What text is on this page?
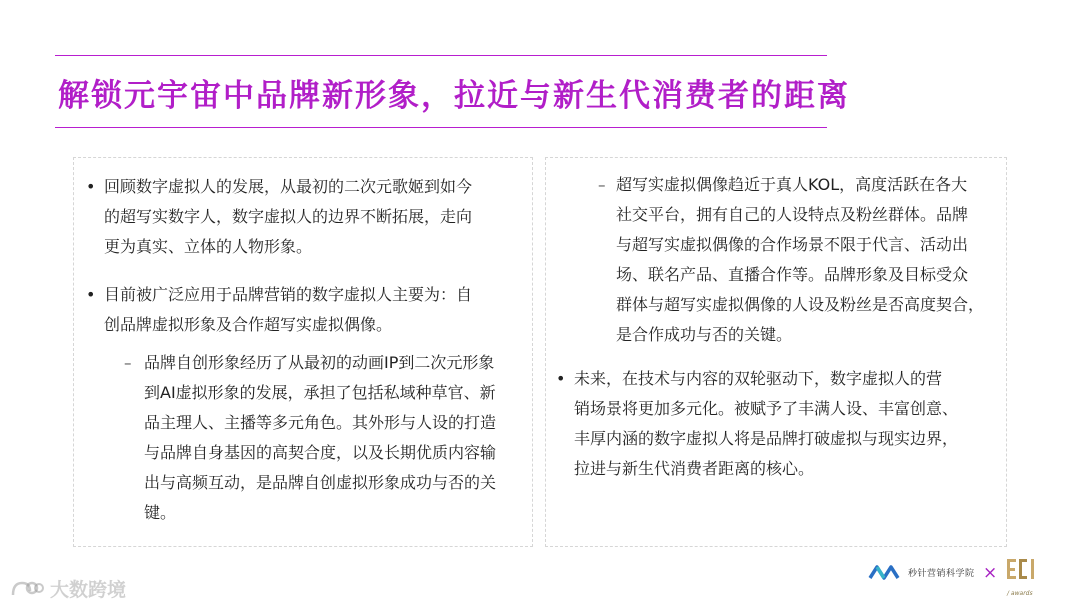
解锁元宇宙中品牌新形象，拉近与新生代消费者的距离
• 回顾数字虚拟人的发展，从最初的二次元歌姬到如今
的超写实数字人，数字虚拟人的边界不断拓展，走向
更为真实、立体的人物形象。
• 目前被广泛应用于品牌营销的数字虚拟人主要为：自
创品牌虚拟形象及合作超写实虚拟偶像。
– 品牌自创形象经历了从最初的动画IP到二次元形象
到AI虚拟形象的发展，承担了包括私域种草官、新
品主理人、主播等多元角色。其外形与人设的打造
与品牌自身基因的高契合度，以及长期优质内容输
出与高频互动，是品牌自创虚拟形象成功与否的关
键。
– 超写实虚拟偶像趋近于真人KOL，高度活跃在各大
社交平台，拥有自己的人设特点及粉丝群体。品牌
与超写实虚拟偶像的合作场景不限于代言、活动出
场、联名产品、直播合作等。品牌形象及目标受众
群体与超写实虚拟偶像的人设及粉丝是否高度契合，
是合作成功与否的关键。
• 未来，在技术与内容的双轮驱动下，数字虚拟人的营
销场景将更加多元化。被赋予了丰满人设、丰富创意、
丰厚内涵的数字虚拟人将是品牌打破虚拟与现实边界，
拉进与新生代消费者距离的核心。
秒针营销科学院 ×
/ awards
大数跨境
